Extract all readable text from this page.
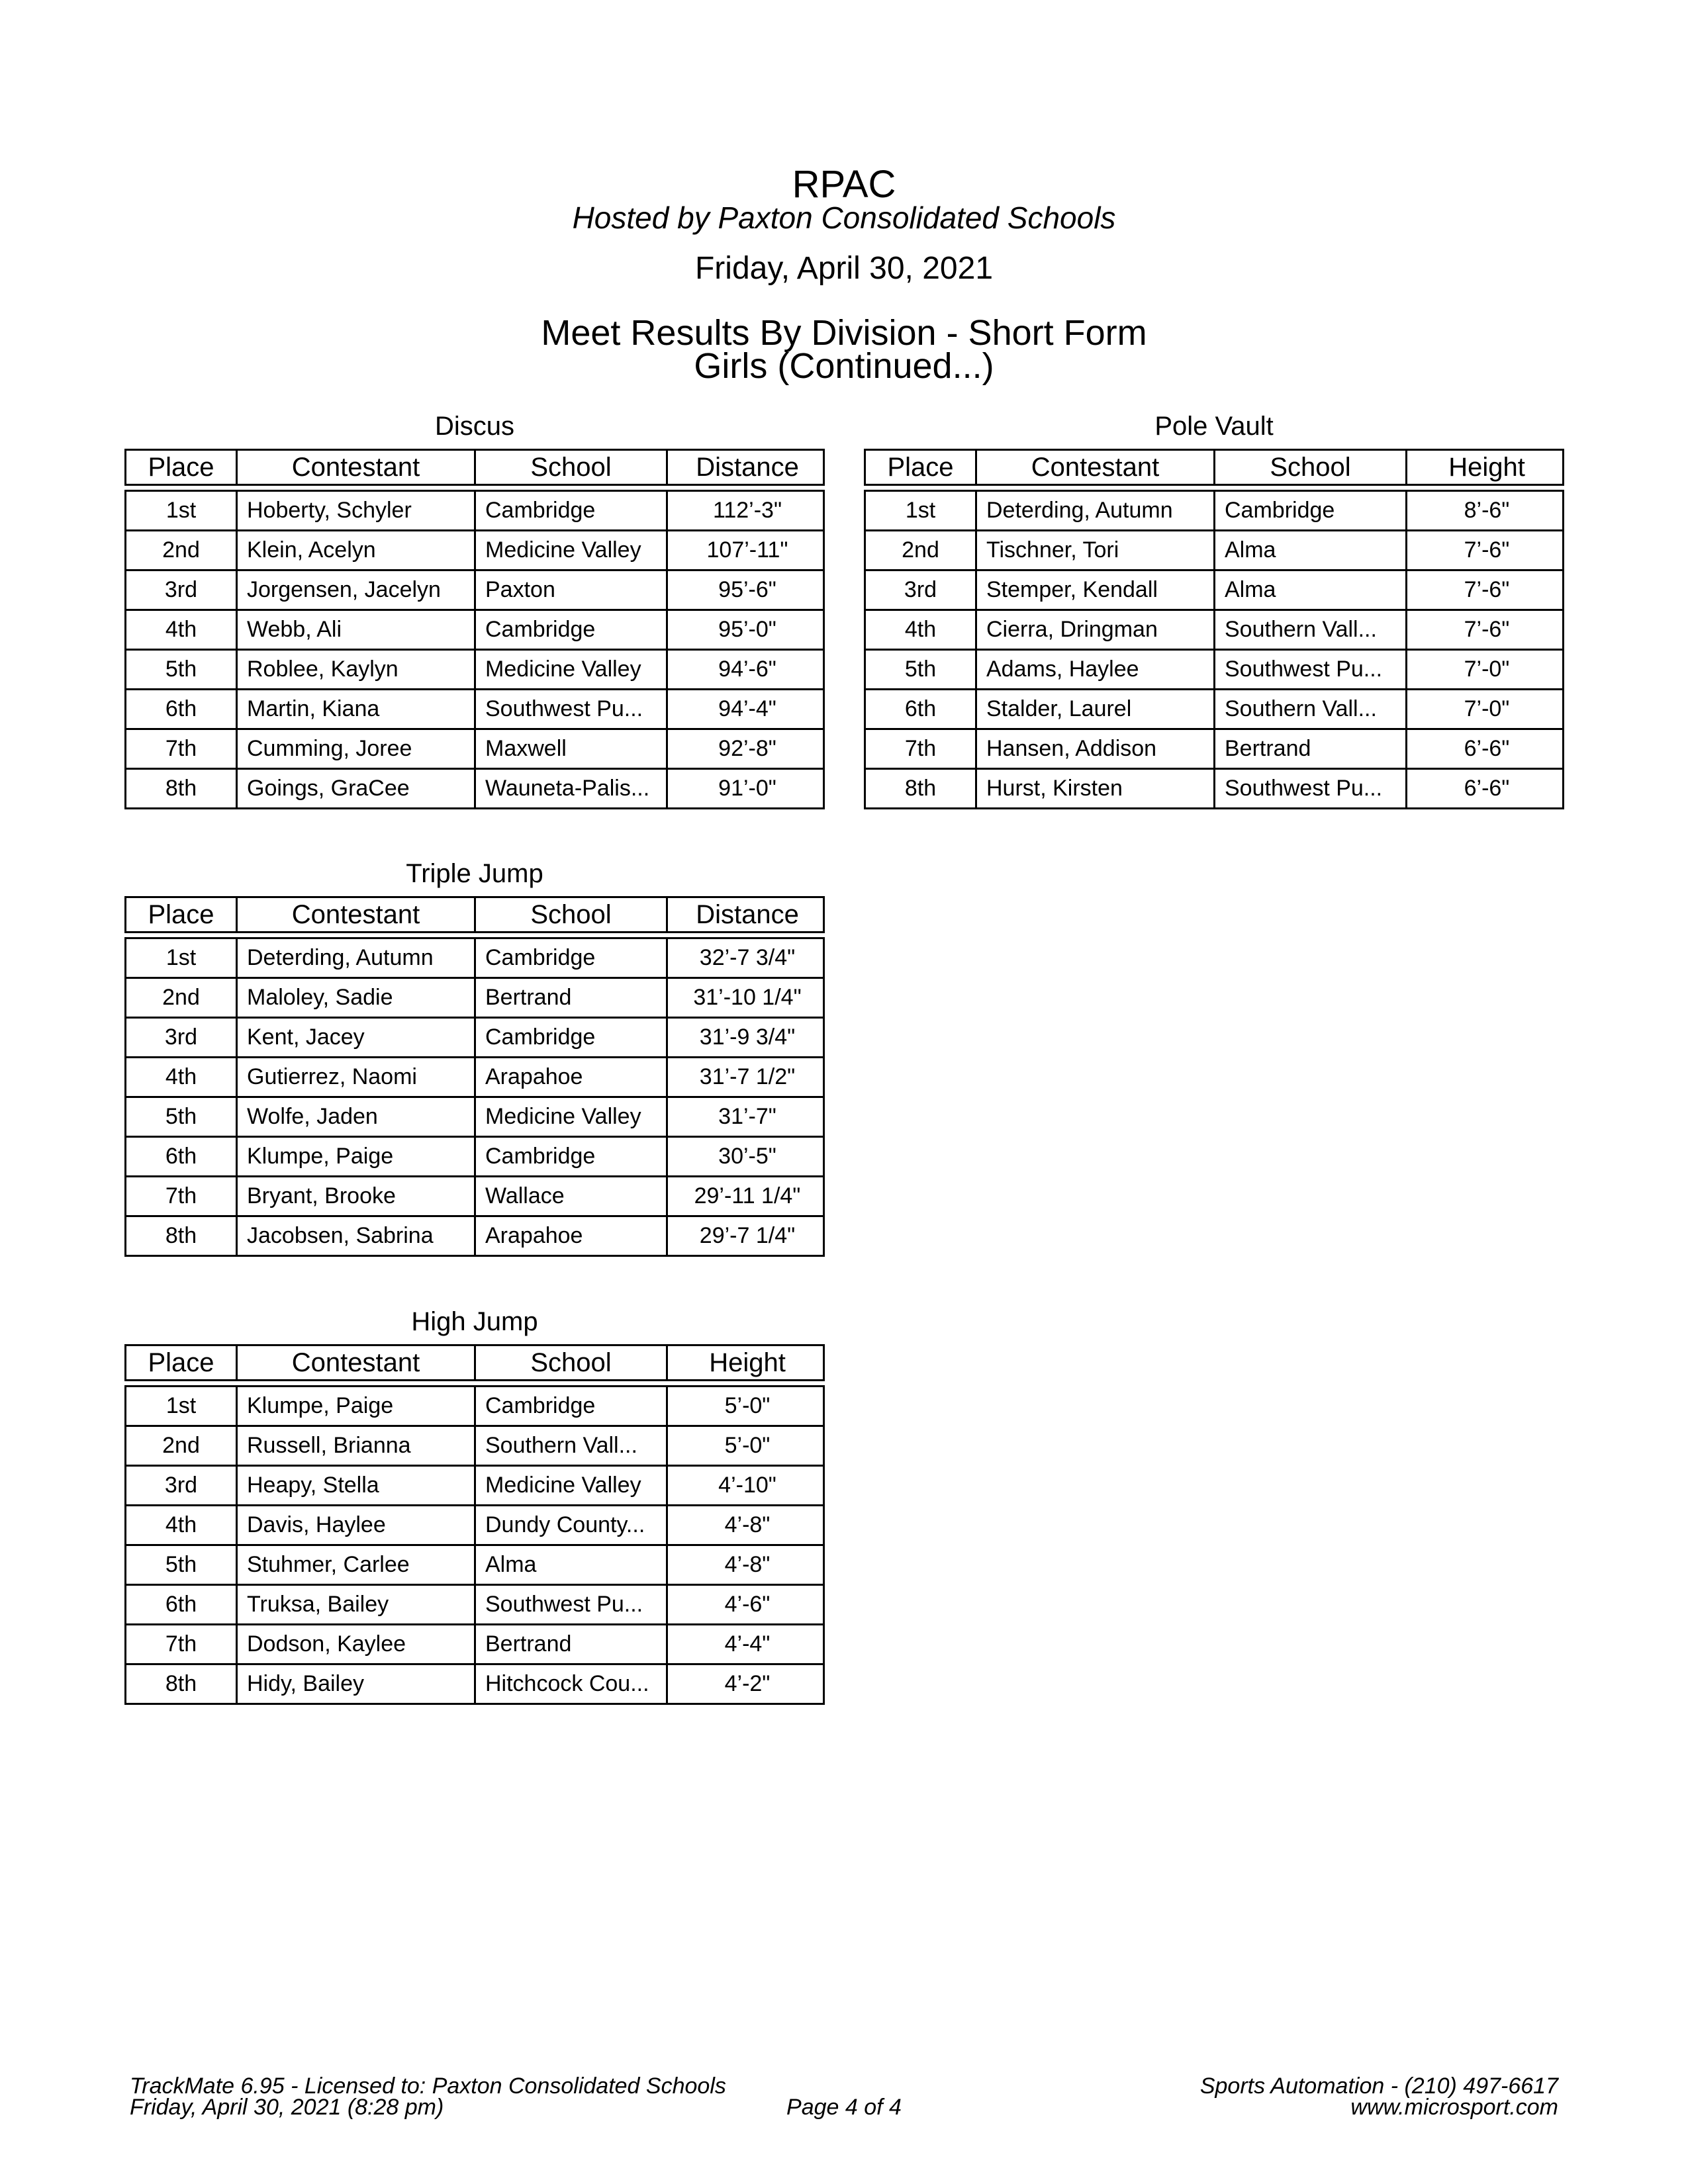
RPAC
Hosted by Paxton Consolidated Schools
Friday, April 30, 2021
Meet Results By Division - Short Form
Girls (Continued...)
Discus
Place	Contestant	School	Distance
1st	Hoberty, Schyler	Cambridge	112’-3"
2nd	Klein, Acelyn	Medicine Valley	107’-11"
3rd	Jorgensen, Jacelyn	Paxton	95’-6"
4th	Webb, Ali	Cambridge	95’-0"
5th	Roblee, Kaylyn	Medicine Valley	94’-6"
6th	Martin, Kiana	Southwest Pu...	94’-4"
7th	Cumming, Joree	Maxwell	92’-8"
8th	Goings, GraCee	Wauneta-Palis...	91’-0"
Pole Vault
Place	Contestant	School	Height
1st	Deterding, Autumn	Cambridge	8’-6"
2nd	Tischner, Tori	Alma	7’-6"
3rd	Stemper, Kendall	Alma	7’-6"
4th	Cierra, Dringman	Southern Vall...	7’-6"
5th	Adams, Haylee	Southwest Pu...	7’-0"
6th	Stalder, Laurel	Southern Vall...	7’-0"
7th	Hansen, Addison	Bertrand	6’-6"
8th	Hurst, Kirsten	Southwest Pu...	6’-6"
Triple Jump
Place	Contestant	School	Distance
1st	Deterding, Autumn	Cambridge	32’-7 3/4"
2nd	Maloley, Sadie	Bertrand	31’-10 1/4"
3rd	Kent, Jacey	Cambridge	31’-9 3/4"
4th	Gutierrez, Naomi	Arapahoe	31’-7 1/2"
5th	Wolfe, Jaden	Medicine Valley	31’-7"
6th	Klumpe, Paige	Cambridge	30’-5"
7th	Bryant, Brooke	Wallace	29’-11 1/4"
8th	Jacobsen, Sabrina	Arapahoe	29’-7 1/4"
High Jump
Place	Contestant	School	Height
1st	Klumpe, Paige	Cambridge	5’-0"
2nd	Russell, Brianna	Southern Vall...	5’-0"
3rd	Heapy, Stella	Medicine Valley	4’-10"
4th	Davis, Haylee	Dundy County...	4’-8"
5th	Stuhmer, Carlee	Alma	4’-8"
6th	Truksa, Bailey	Southwest Pu...	4’-6"
7th	Dodson, Kaylee	Bertrand	4’-4"
8th	Hidy, Bailey	Hitchcock Cou...	4’-2"
TrackMate 6.95 - Licensed to: Paxton Consolidated Schools
Friday, April 30, 2021 (8:28 pm)	Page 4 of 4
Sports Automation - (210) 497-6617
www.microsport.com
